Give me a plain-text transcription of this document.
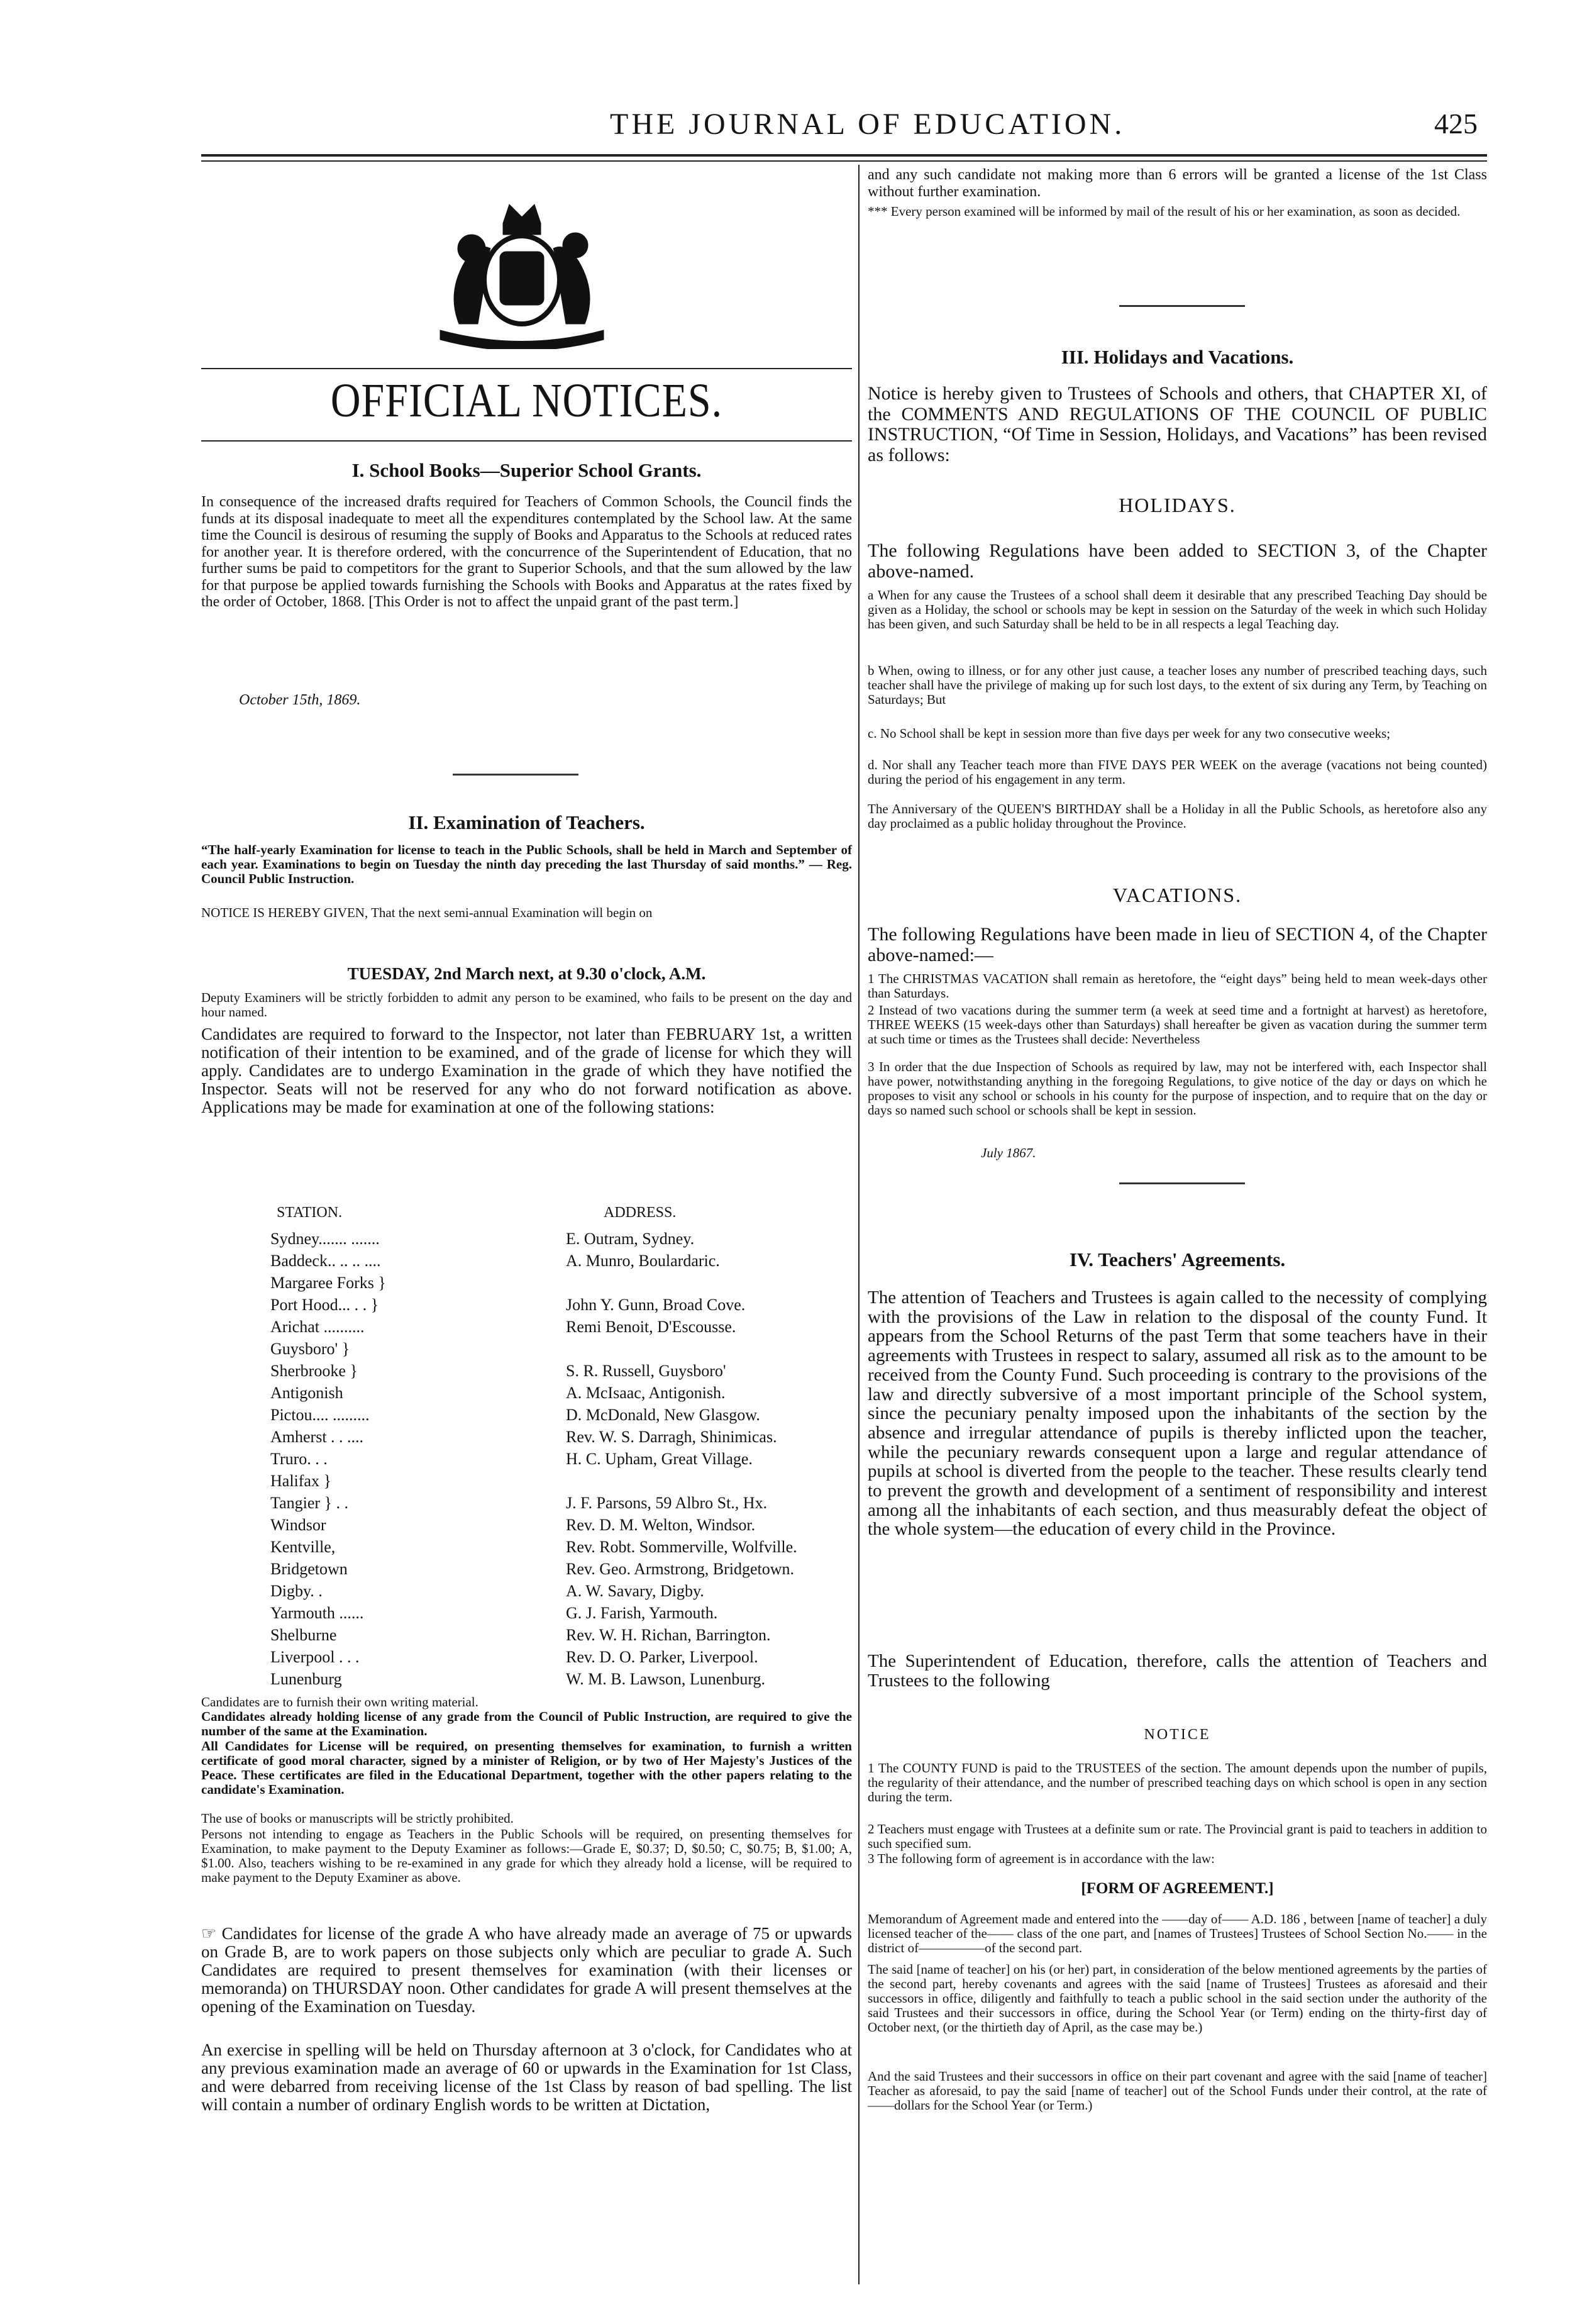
THE JOURNAL OF EDUCATION.	425
OFFICIAL NOTICES.
I. School Books—Superior School Grants.

In consequence of the increased drafts required for Teachers of Common Schools, the Council finds the funds at its disposal inadequate to meet all the expenditures contemplated by the School law. At the same time the Council is desirous of resuming the supply of Books and Apparatus to the Schools at reduced rates for another year. It is therefore ordered, with the concurrence of the Superintendent of Education, that no further sums be paid to competitors for the grant to Superior Schools, and that the sum allowed by the law for that purpose be applied towards furnishing the Schools with Books and Apparatus at the rates fixed by the order of October, 1868. [This Order is not to affect the unpaid grant of the past term.]

October 15th, 1869.

II. Examination of Teachers.

“The half-yearly Examination for license to teach in the Public Schools, shall be held in March and September of each year. Examinations to begin on Tuesday the ninth day preceding the last Thursday of said months.” — Reg. Council Public Instruction.

NOTICE IS HEREBY GIVEN, That the next semi-annual Examination will begin on

TUESDAY, 2nd March next, at 9.30 o'clock, A.M.

Deputy Examiners will be strictly forbidden to admit any person to be examined, who fails to be present on the day and hour named.

Candidates are required to forward to the Inspector, not later than FEBRUARY 1st, a written notification of their intention to be examined, and of the grade of license for which they will apply. Candidates are to undergo Examination in the grade of which they have notified the Inspector. Seats will not be reserved for any who do not forward notification as above. Applications may be made for examination at one of the following stations:

STATION.	ADDRESS.
Sydney....... .......	E. Outram, Sydney.
Baddeck.. .. .. ....	A. Munro, Boulardaric.
Margaree Forks }
Port Hood... . . }	John Y. Gunn, Broad Cove.
Arichat ..........	Remi Benoit, D'Escousse.
Guysboro' }
Sherbrooke }	S. R. Russell, Guysboro'
Antigonish	A. McIsaac, Antigonish.
Pictou.... .........	D. McDonald, New Glasgow.
Amherst . . ....	Rev. W. S. Darragh, Shinimicas.
Truro. . .	H. C. Upham, Great Village.
Halifax }
Tangier } . .	J. F. Parsons, 59 Albro St., Hx.
Windsor	Rev. D. M. Welton, Windsor.
Kentville,	Rev. Robt. Sommerville, Wolfville.
Bridgetown	Rev. Geo. Armstrong, Bridgetown.
Digby. .	A. W. Savary, Digby.
Yarmouth ......	G. J. Farish, Yarmouth.
Shelburne	Rev. W. H. Richan, Barrington.
Liverpool . . .	Rev. D. O. Parker, Liverpool.
Lunenburg	W. M. B. Lawson, Lunenburg.

Candidates are to furnish their own writing material.

Candidates already holding license of any grade from the Council of Public Instruction, are required to give the number of the same at the Examination.

All Candidates for License will be required, on presenting themselves for examination, to furnish a written certificate of good moral character, signed by a minister of Religion, or by two of Her Majesty's Justices of the Peace. These certificates are filed in the Educational Department, together with the other papers relating to the candidate's Examination.

The use of books or manuscripts will be strictly prohibited.

Persons not intending to engage as Teachers in the Public Schools will be required, on presenting themselves for Examination, to make payment to the Deputy Examiner as follows:—Grade E, $0.37; D, $0.50; C, $0.75; B, $1.00; A, $1.00. Also, teachers wishing to be re-examined in any grade for which they already hold a license, will be required to make payment to the Deputy Examiner as above.

☞ Candidates for license of the grade A who have already made an average of 75 or upwards on Grade B, are to work papers on those subjects only which are peculiar to grade A. Such Candidates are required to present themselves for examination (with their licenses or memoranda) on THURSDAY noon. Other candidates for grade A will present themselves at the opening of the Examination on Tuesday.

An exercise in spelling will be held on Thursday afternoon at 3 o'clock, for Candidates who at any previous examination made an average of 60 or upwards in the Examination for 1st Class, and were debarred from receiving license of the 1st Class by reason of bad spelling. The list will contain a number of ordinary English words to be written at Dictation,

and any such candidate not making more than 6 errors will be granted a license of the 1st Class without further examination.

*** Every person examined will be informed by mail of the result of his or her examination, as soon as decided.

III. Holidays and Vacations.

Notice is hereby given to Trustees of Schools and others, that CHAPTER XI, of the COMMENTS AND REGULATIONS OF THE COUNCIL OF PUBLIC INSTRUCTION, “Of Time in Session, Holidays, and Vacations” has been revised as follows:

HOLIDAYS.

The following Regulations have been added to SECTION 3, of the Chapter above-named.

a When for any cause the Trustees of a school shall deem it desirable that any prescribed Teaching Day should be given as a Holiday, the school or schools may be kept in session on the Saturday of the week in which such Holiday has been given, and such Saturday shall be held to be in all respects a legal Teaching day.

b When, owing to illness, or for any other just cause, a teacher loses any number of prescribed teaching days, such teacher shall have the privilege of making up for such lost days, to the extent of six during any Term, by Teaching on Saturdays; But

c. No School shall be kept in session more than five days per week for any two consecutive weeks;

d. Nor shall any Teacher teach more than FIVE DAYS PER WEEK on the average (vacations not being counted) during the period of his engagement in any term.

The Anniversary of the QUEEN'S BIRTHDAY shall be a Holiday in all the Public Schools, as heretofore also any day proclaimed as a public holiday throughout the Province.

VACATIONS.

The following Regulations have been made in lieu of SECTION 4, of the Chapter above-named:—

1 The CHRISTMAS VACATION shall remain as heretofore, the “eight days” being held to mean week-days other than Saturdays.

2 Instead of two vacations during the summer term (a week at seed time and a fortnight at harvest) as heretofore, THREE WEEKS (15 week-days other than Saturdays) shall hereafter be given as vacation during the summer term at such time or times as the Trustees shall decide: Nevertheless

3 In order that the due Inspection of Schools as required by law, may not be interfered with, each Inspector shall have power, notwithstanding anything in the foregoing Regulations, to give notice of the day or days on which he proposes to visit any school or schools in his county for the purpose of inspection, and to require that on the day or days so named such school or schools shall be kept in session.

July 1867.

IV. Teachers' Agreements.

The attention of Teachers and Trustees is again called to the necessity of complying with the provisions of the Law in relation to the disposal of the county Fund. It appears from the School Returns of the past Term that some teachers have in their agreements with Trustees in respect to salary, assumed all risk as to the amount to be received from the County Fund. Such proceeding is contrary to the provisions of the law and directly subversive of a most important principle of the School system, since the pecuniary penalty imposed upon the inhabitants of the section by the absence and irregular attendance of pupils is thereby inflicted upon the teacher, while the pecuniary rewards consequent upon a large and regular attendance of pupils at school is diverted from the people to the teacher. These results clearly tend to prevent the growth and development of a sentiment of responsibility and interest among all the inhabitants of each section, and thus measurably defeat the object of the whole system—the education of every child in the Province.

The Superintendent of Education, therefore, calls the attention of Teachers and Trustees to the following

NOTICE

1 The COUNTY FUND is paid to the TRUSTEES of the section. The amount depends upon the number of pupils, the regularity of their attendance, and the number of prescribed teaching days on which school is open in any section during the term.

2 Teachers must engage with Trustees at a definite sum or rate. The Provincial grant is paid to teachers in addition to such specified sum.

3 The following form of agreement is in accordance with the law:

[FORM OF AGREEMENT.]

Memorandum of Agreement made and entered into the ——day of—— A.D. 186 , between [name of teacher] a duly licensed teacher of the—— class of the one part, and [names of Trustees] Trustees of School Section No.—— in the district of—————of the second part.

The said [name of teacher] on his (or her) part, in consideration of the below mentioned agreements by the parties of the second part, hereby covenants and agrees with the said [name of Trustees] Trustees as aforesaid and their successors in office, diligently and faithfully to teach a public school in the said section under the authority of the said Trustees and their successors in office, during the School Year (or Term) ending on the thirty-first day of October next, (or the thirtieth day of April, as the case may be.)

And the said Trustees and their successors in office on their part covenant and agree with the said [name of teacher] Teacher as aforesaid, to pay the said [name of teacher] out of the School Funds under their control, at the rate of ——dollars for the School Year (or Term.)
